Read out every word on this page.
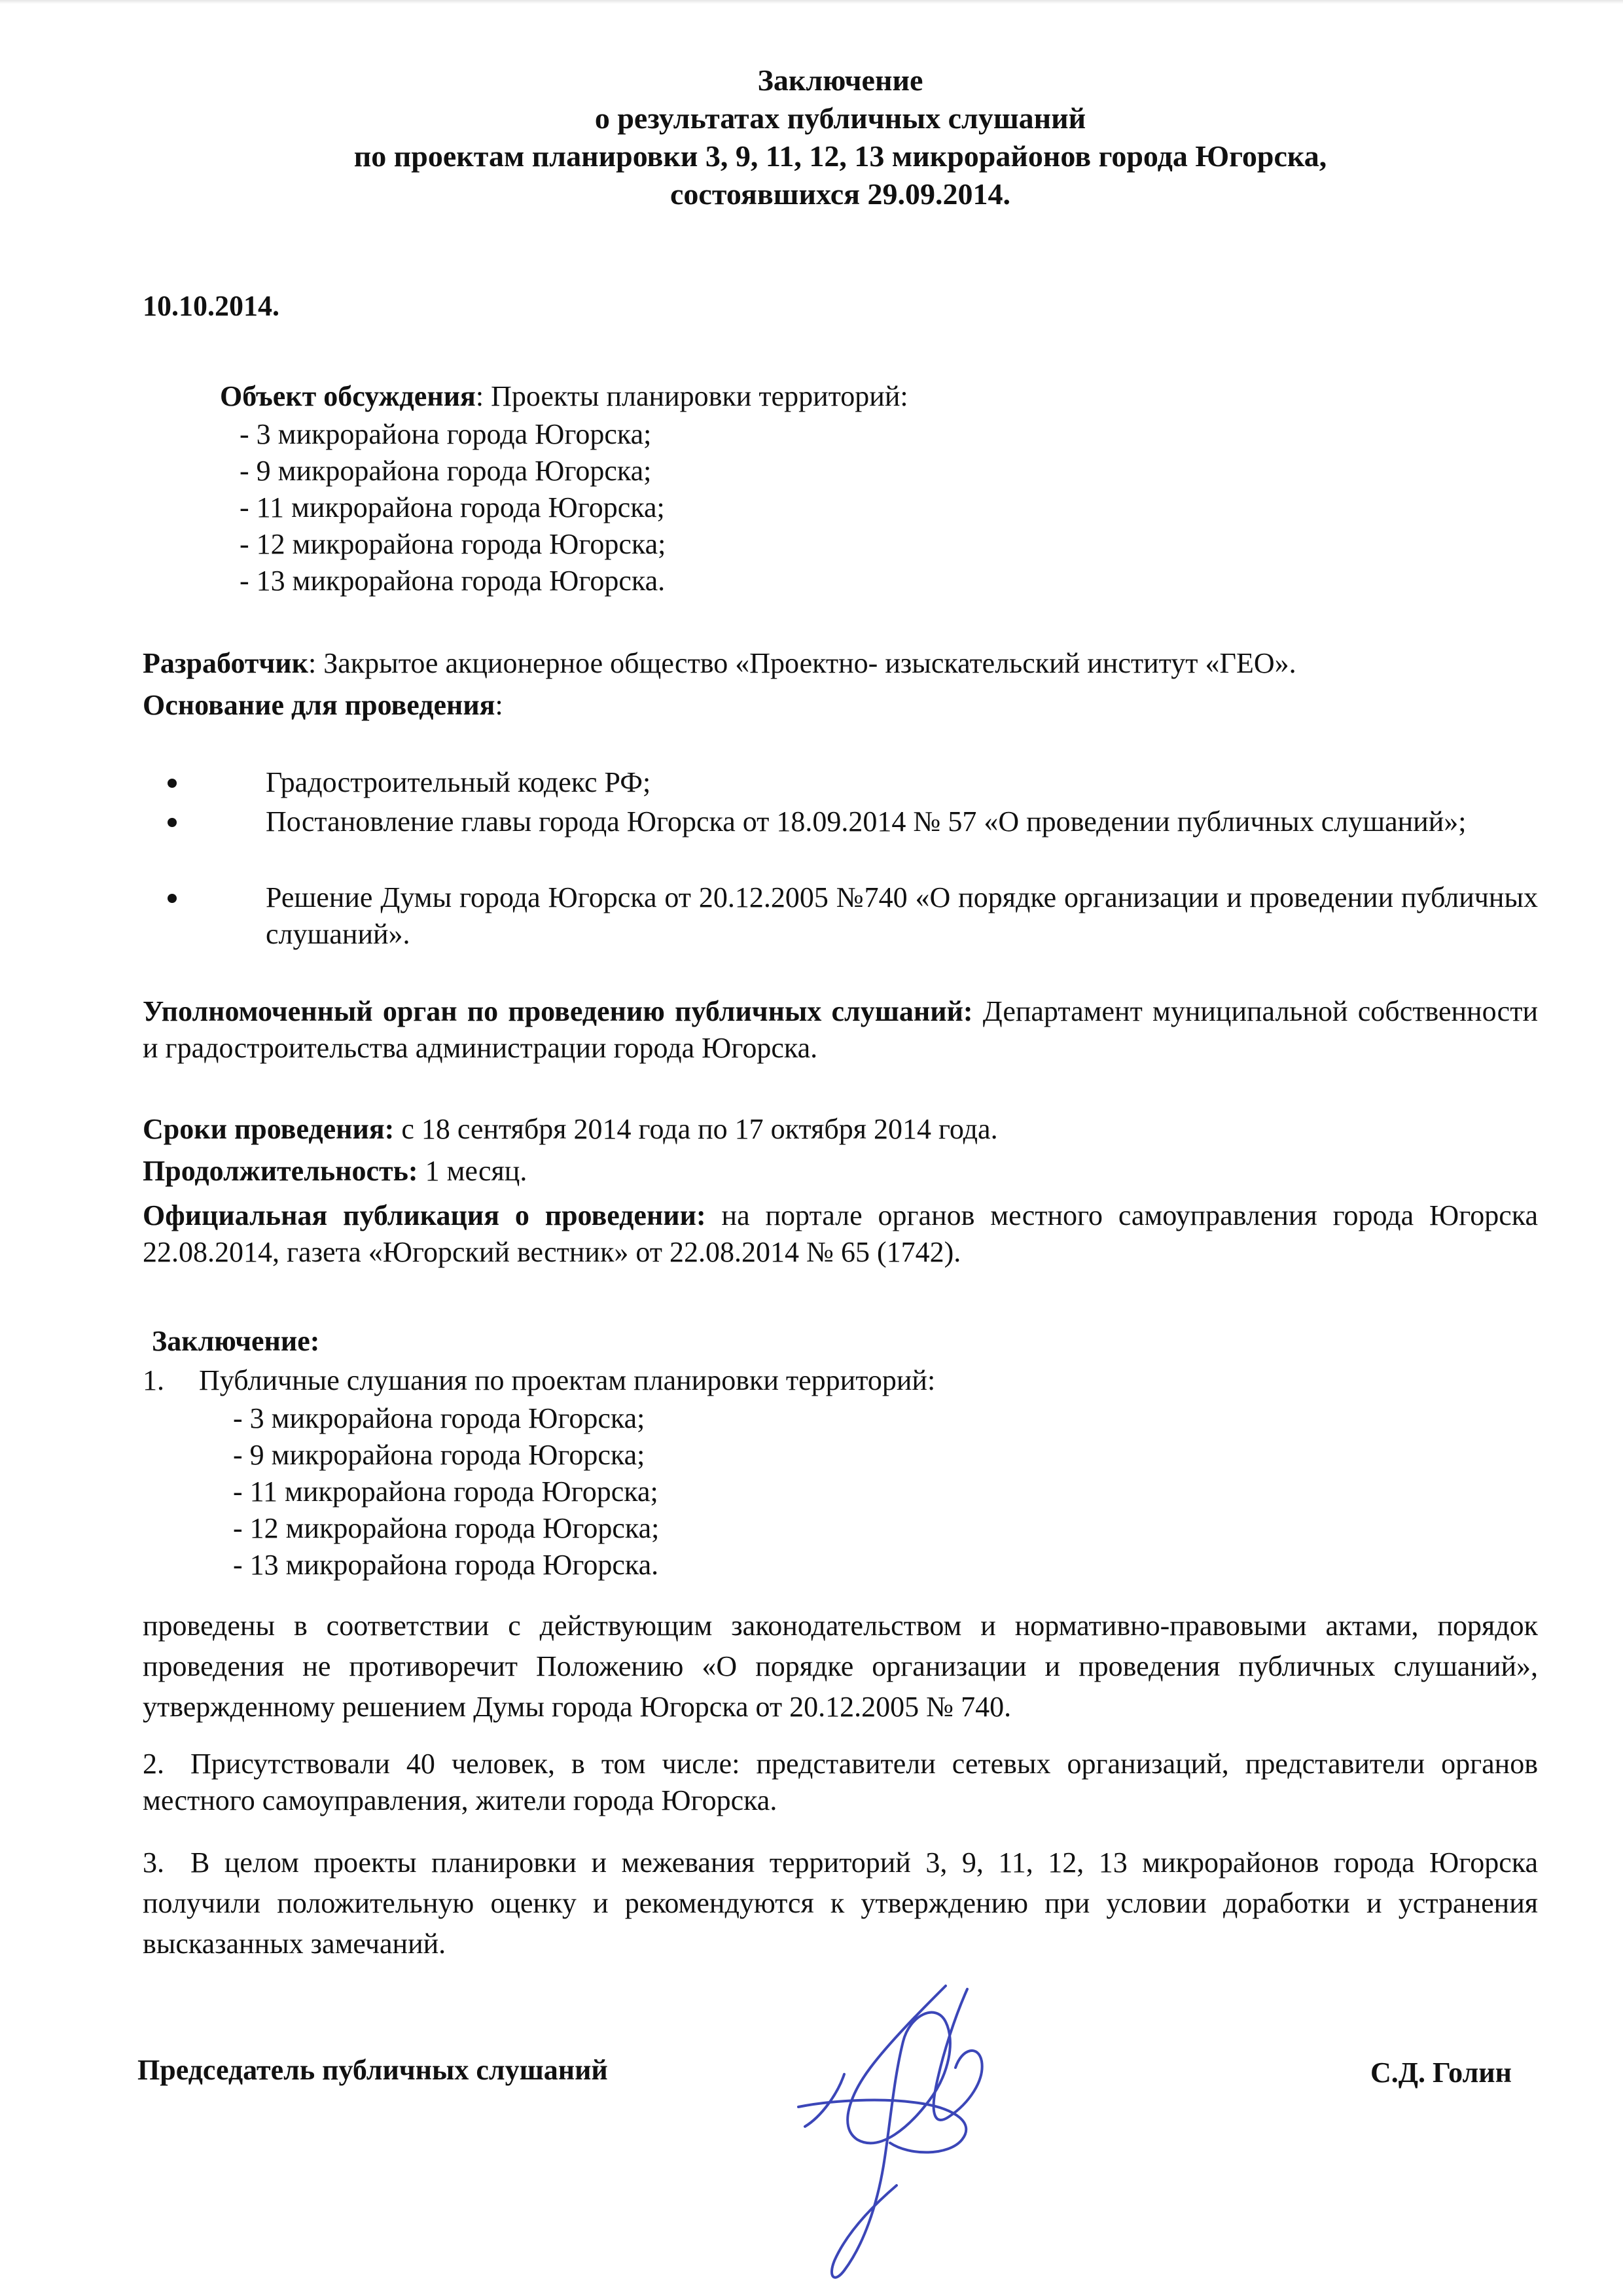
Заключение
о результатах публичных слушаний
по проектам планировки 3, 9, 11, 12, 13 микрорайонов города Югорска,
состоявшихся 29.09.2014.
10.10.2014.
Объект обсуждения: Проекты планировки территорий:
- 3 микрорайона города Югорска;
- 9 микрорайона города Югорска;
- 11 микрорайона города Югорска;
- 12 микрорайона города Югорска;
- 13 микрорайона города Югорска.
Разработчик: Закрытое акционерное общество «Проектно- изыскательский институт «ГЕО».
Основание для проведения:
Градостроительный кодекс РФ;
Постановление главы города Югорска от 18.09.2014 № 57 «О проведении публичных слушаний»;
Решение Думы города Югорска от 20.12.2005 №740 «О порядке организации и проведении публичных слушаний».
Уполномоченный орган по проведению публичных слушаний: Департамент муниципальной собственности и градостроительства администрации города Югорска.
Сроки проведения: с 18 сентября 2014 года по 17 октября 2014 года.
Продолжительность: 1 месяц.
Официальная публикация о проведении: на портале органов местного самоуправления города Югорска 22.08.2014, газета «Югорский вестник» от 22.08.2014 № 65 (1742).
Заключение:
1. Публичные слушания по проектам планировки территорий:
- 3 микрорайона города Югорска;
- 9 микрорайона города Югорска;
- 11 микрорайона города Югорска;
- 12 микрорайона города Югорска;
- 13 микрорайона города Югорска.
проведены в соответствии с действующим законодательством и нормативно-правовыми актами, порядок проведения не противоречит Положению «О порядке организации и проведения публичных слушаний», утвержденному решением Думы города Югорска от 20.12.2005 № 740.
2. Присутствовали 40 человек, в том числе: представители сетевых организаций, представители органов местного самоуправления, жители города Югорска.
3. В целом проекты планировки и межевания территорий 3, 9, 11, 12, 13 микрорайонов города Югорска получили положительную оценку и рекомендуются к утверждению при условии доработки и устранения высказанных замечаний.
Председатель публичных слушаний	С.Д. Голин
